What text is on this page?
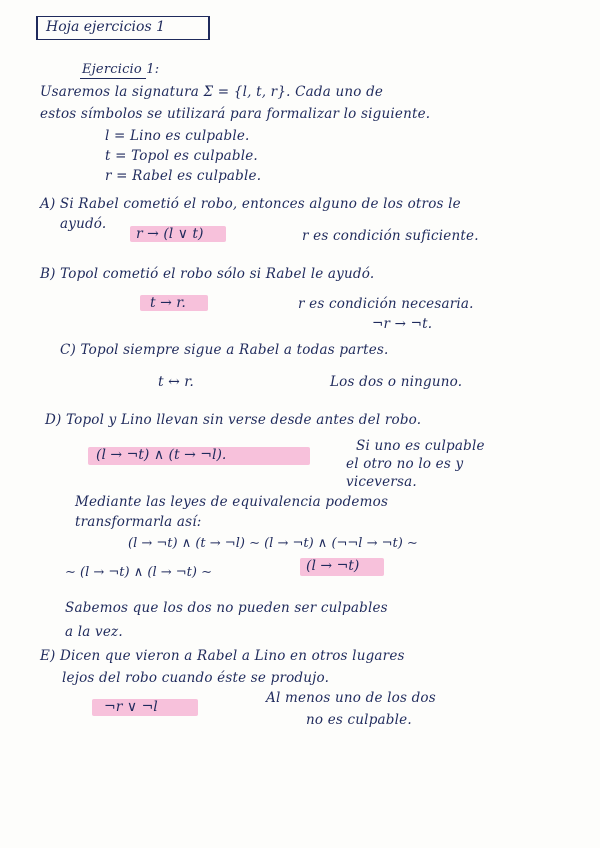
Hoja ejercicios 1
Ejercicio 1:
Usaremos la signatura Σ = {l, t, r}. Cada uno de
estos símbolos se utilizará para formalizar lo siguiente.
l = Lino es culpable.
t = Topol es culpable.
r = Rabel es culpable.
A) Si Rabel cometió el robo, entonces alguno de los otros le
ayudó.
r → (l ∨ t)	r es condición suficiente.
B) Topol cometió el robo sólo si Rabel le ayudó.
t → r.	r es condición necesaria.
¬r → ¬t.
C) Topol siempre sigue a Rabel a todas partes.
t ↔ r.	Los dos o ninguno.
D) Topol y Lino llevan sin verse desde antes del robo.
(l → ¬t) ∧ (t → ¬l).
Si uno es culpable
el otro no lo es y
viceversa.
Mediante las leyes de equivalencia podemos
transformarla así:
(l → ¬t) ∧ (t → ¬l) ∼ (l → ¬t) ∧ (¬¬l → ¬t) ∼
∼ (l → ¬t) ∧ (l → ¬t) ∼	(l → ¬t)
Sabemos que los dos no pueden ser culpables
a la vez.
E) Dicen que vieron a Rabel a Lino en otros lugares
lejos del robo cuando éste se produjo.
¬r ∨ ¬l
Al menos uno de los dos
no es culpable.
